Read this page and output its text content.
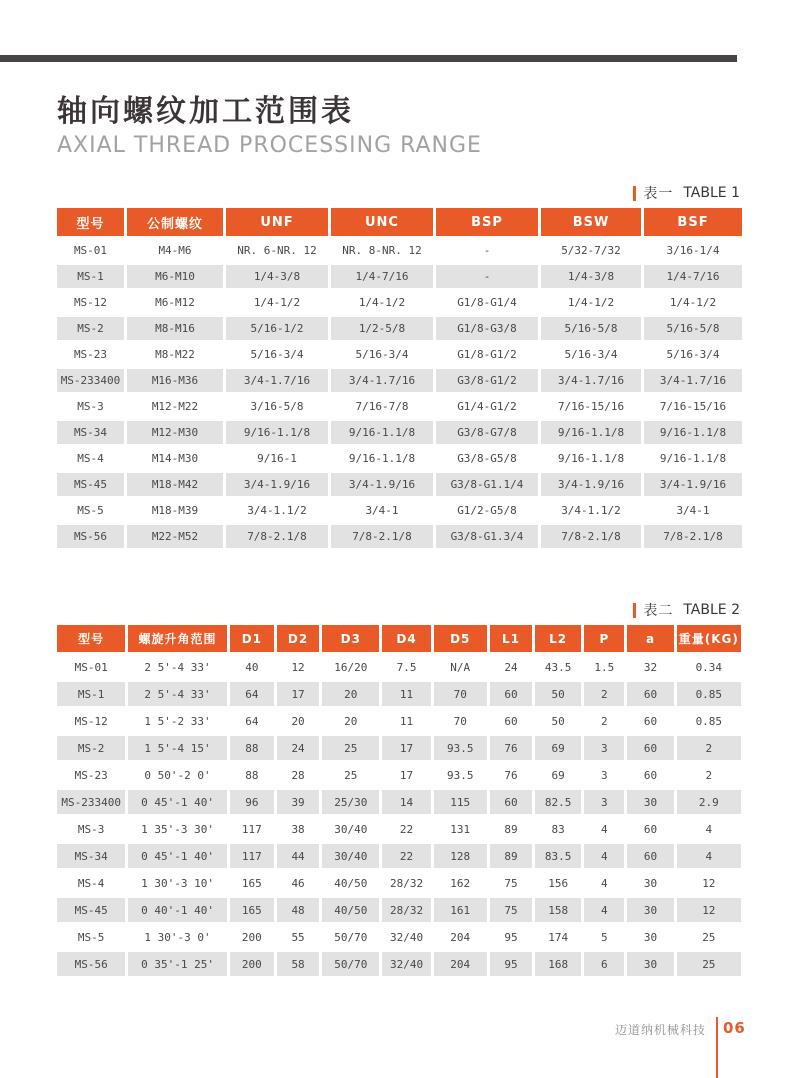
轴向螺纹加工范围表
AXIAL THREAD PROCESSING RANGE
表一 TABLE 1
型号	公制螺纹	UNF	UNC	BSP	BSW	BSF
MS-01	M4-M6	NR. 6-NR. 12	NR. 8-NR. 12	-	5/32-7/32	3/16-1/4
MS-1	M6-M10	1/4-3/8	1/4-7/16	-	1/4-3/8	1/4-7/16
MS-12	M6-M12	1/4-1/2	1/4-1/2	G1/8-G1/4	1/4-1/2	1/4-1/2
MS-2	M8-M16	5/16-1/2	1/2-5/8	G1/8-G3/8	5/16-5/8	5/16-5/8
MS-23	M8-M22	5/16-3/4	5/16-3/4	G1/8-G1/2	5/16-3/4	5/16-3/4
MS-233400	M16-M36	3/4-1.7/16	3/4-1.7/16	G3/8-G1/2	3/4-1.7/16	3/4-1.7/16
MS-3	M12-M22	3/16-5/8	7/16-7/8	G1/4-G1/2	7/16-15/16	7/16-15/16
MS-34	M12-M30	9/16-1.1/8	9/16-1.1/8	G3/8-G7/8	9/16-1.1/8	9/16-1.1/8
MS-4	M14-M30	9/16-1	9/16-1.1/8	G3/8-G5/8	9/16-1.1/8	9/16-1.1/8
MS-45	M18-M42	3/4-1.9/16	3/4-1.9/16	G3/8-G1.1/4	3/4-1.9/16	3/4-1.9/16
MS-5	M18-M39	3/4-1.1/2	3/4-1	G1/2-G5/8	3/4-1.1/2	3/4-1
MS-56	M22-M52	7/8-2.1/8	7/8-2.1/8	G3/8-G1.3/4	7/8-2.1/8	7/8-2.1/8
表二 TABLE 2
型号	螺旋升角范围	D1	D2	D3	D4	D5	L1	L2	P	a	重量(KG)
MS-01	2 5'-4 33'	40	12	16/20	7.5	N/A	24	43.5	1.5	32	0.34
MS-1	2 5'-4 33'	64	17	20	11	70	60	50	2	60	0.85
MS-12	1 5'-2 33'	64	20	20	11	70	60	50	2	60	0.85
MS-2	1 5'-4 15'	88	24	25	17	93.5	76	69	3	60	2
MS-23	0 50'-2 0'	88	28	25	17	93.5	76	69	3	60	2
MS-233400	0 45'-1 40'	96	39	25/30	14	115	60	82.5	3	30	2.9
MS-3	1 35'-3 30'	117	38	30/40	22	131	89	83	4	60	4
MS-34	0 45'-1 40'	117	44	30/40	22	128	89	83.5	4	60	4
MS-4	1 30'-3 10'	165	46	40/50	28/32	162	75	156	4	30	12
MS-45	0 40'-1 40'	165	48	40/50	28/32	161	75	158	4	30	12
MS-5	1 30'-3 0'	200	55	50/70	32/40	204	95	174	5	30	25
MS-56	0 35'-1 25'	200	58	50/70	32/40	204	95	168	6	30	25
迈道纳机械科技 06
